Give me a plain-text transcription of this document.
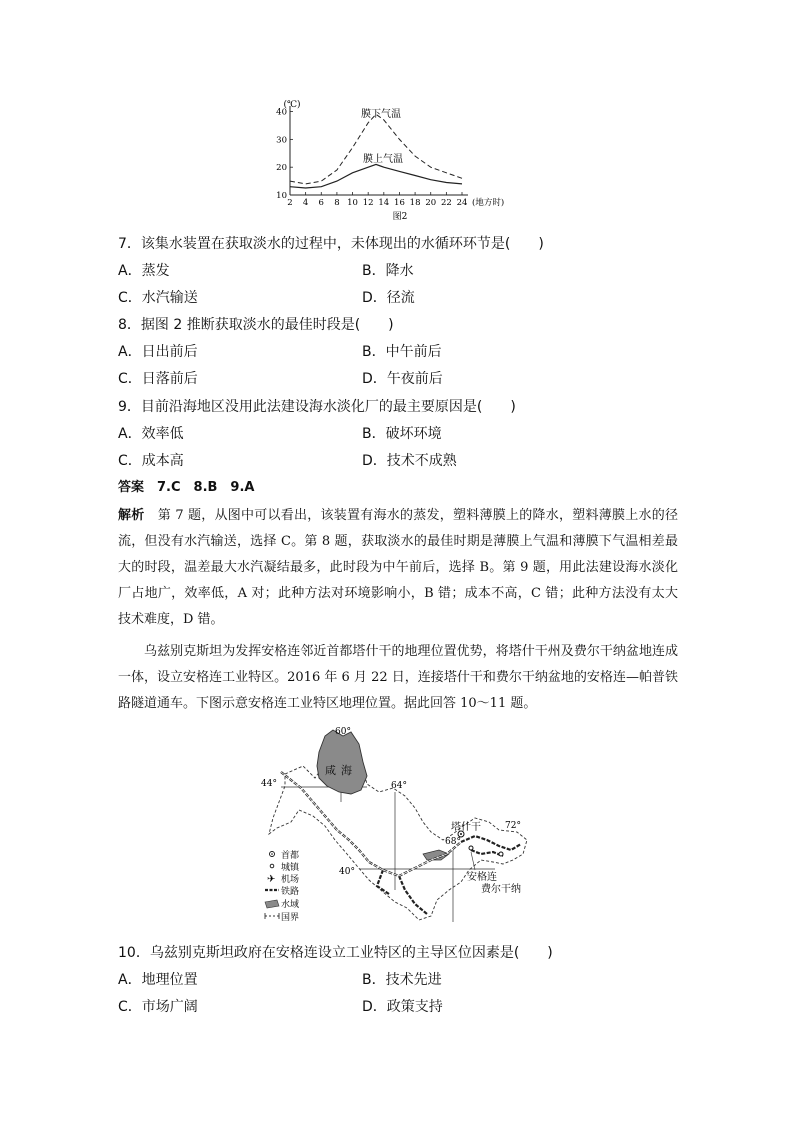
(℃)
40
30
20
10
2 4 6 8 10 12 14 16 18 20 22 24 (地方时)
膜下气温
膜上气温
图2
7．该集水装置在获取淡水的过程中，未体现出的水循环环节是(　　)
A．蒸发	B．降水
C．水汽输送	D．径流
8．据图 2 推断获取淡水的最佳时段是(　　)
A．日出前后	B．中午前后
C．日落前后	D．午夜前后
9．目前沿海地区没用此法建设海水淡化厂的最主要原因是(　　)
A．效率低	B．破坏环境
C．成本高	D．技术不成熟
答案　7.C　8.B　9.A

解析　第 7 题，从图中可以看出，该装置有海水的蒸发，塑料薄膜上的降水，塑料薄膜上水的径流，但没有水汽输送，选择 C。第 8 题，获取淡水的最佳时期是薄膜上气温和薄膜下气温相差最大的时段，温差最大水汽凝结最多，此时段为中午前后，选择 B。第 9 题，用此法建设海水淡化厂占地广，效率低，A 对；此种方法对环境影响小，B 错；成本不高，C 错；此种方法没有太大技术难度，D 错。

　　乌兹别克斯坦为发挥安格连邻近首都塔什干的地理位置优势，将塔什干州及费尔干纳盆地连成一体，设立安格连工业特区。2016 年 6 月 22 日，连接塔什干和费尔干纳盆地的安格连—帕普铁路隧道通车。下图示意安格连工业特区地理位置。据此回答 10～11 题。

咸 海
60°
64°
68°
72°
44°
40°
塔什干
安格连
费尔干纳
首都
城镇
✈ 机场
铁路
水域
国界
10．乌兹别克斯坦政府在安格连设立工业特区的主导区位因素是(　　)
A．地理位置	B．技术先进
C．市场广阔	D．政策支持
